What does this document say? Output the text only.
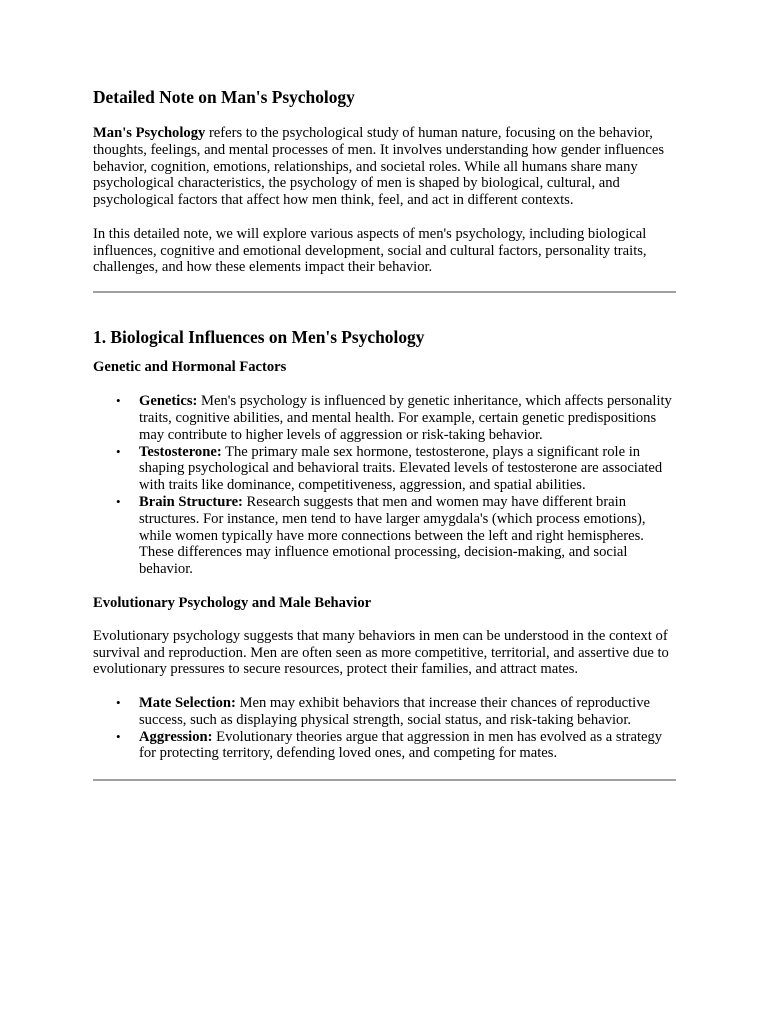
Detailed Note on Man's Psychology

Man's Psychology refers to the psychological study of human nature, focusing on the behavior, thoughts, feelings, and mental processes of men. It involves understanding how gender influences behavior, cognition, emotions, relationships, and societal roles. While all humans share many psychological characteristics, the psychology of men is shaped by biological, cultural, and psychological factors that affect how men think, feel, and act in different contexts.

In this detailed note, we will explore various aspects of men's psychology, including biological influences, cognitive and emotional development, social and cultural factors, personality traits, challenges, and how these elements impact their behavior.

1. Biological Influences on Men's Psychology
Genetic and Hormonal Factors
• Genetics: Men's psychology is influenced by genetic inheritance, which affects personality traits, cognitive abilities, and mental health. For example, certain genetic predispositions may contribute to higher levels of aggression or risk-taking behavior.
• Testosterone: The primary male sex hormone, testosterone, plays a significant role in shaping psychological and behavioral traits. Elevated levels of testosterone are associated with traits like dominance, competitiveness, aggression, and spatial abilities.
• Brain Structure: Research suggests that men and women may have different brain structures. For instance, men tend to have larger amygdala's (which process emotions), while women typically have more connections between the left and right hemispheres. These differences may influence emotional processing, decision-making, and social behavior.
Evolutionary Psychology and Male Behavior

Evolutionary psychology suggests that many behaviors in men can be understood in the context of survival and reproduction. Men are often seen as more competitive, territorial, and assertive due to evolutionary pressures to secure resources, protect their families, and attract mates.

• Mate Selection: Men may exhibit behaviors that increase their chances of reproductive success, such as displaying physical strength, social status, and risk-taking behavior.
• Aggression: Evolutionary theories argue that aggression in men has evolved as a strategy for protecting territory, defending loved ones, and competing for mates.
